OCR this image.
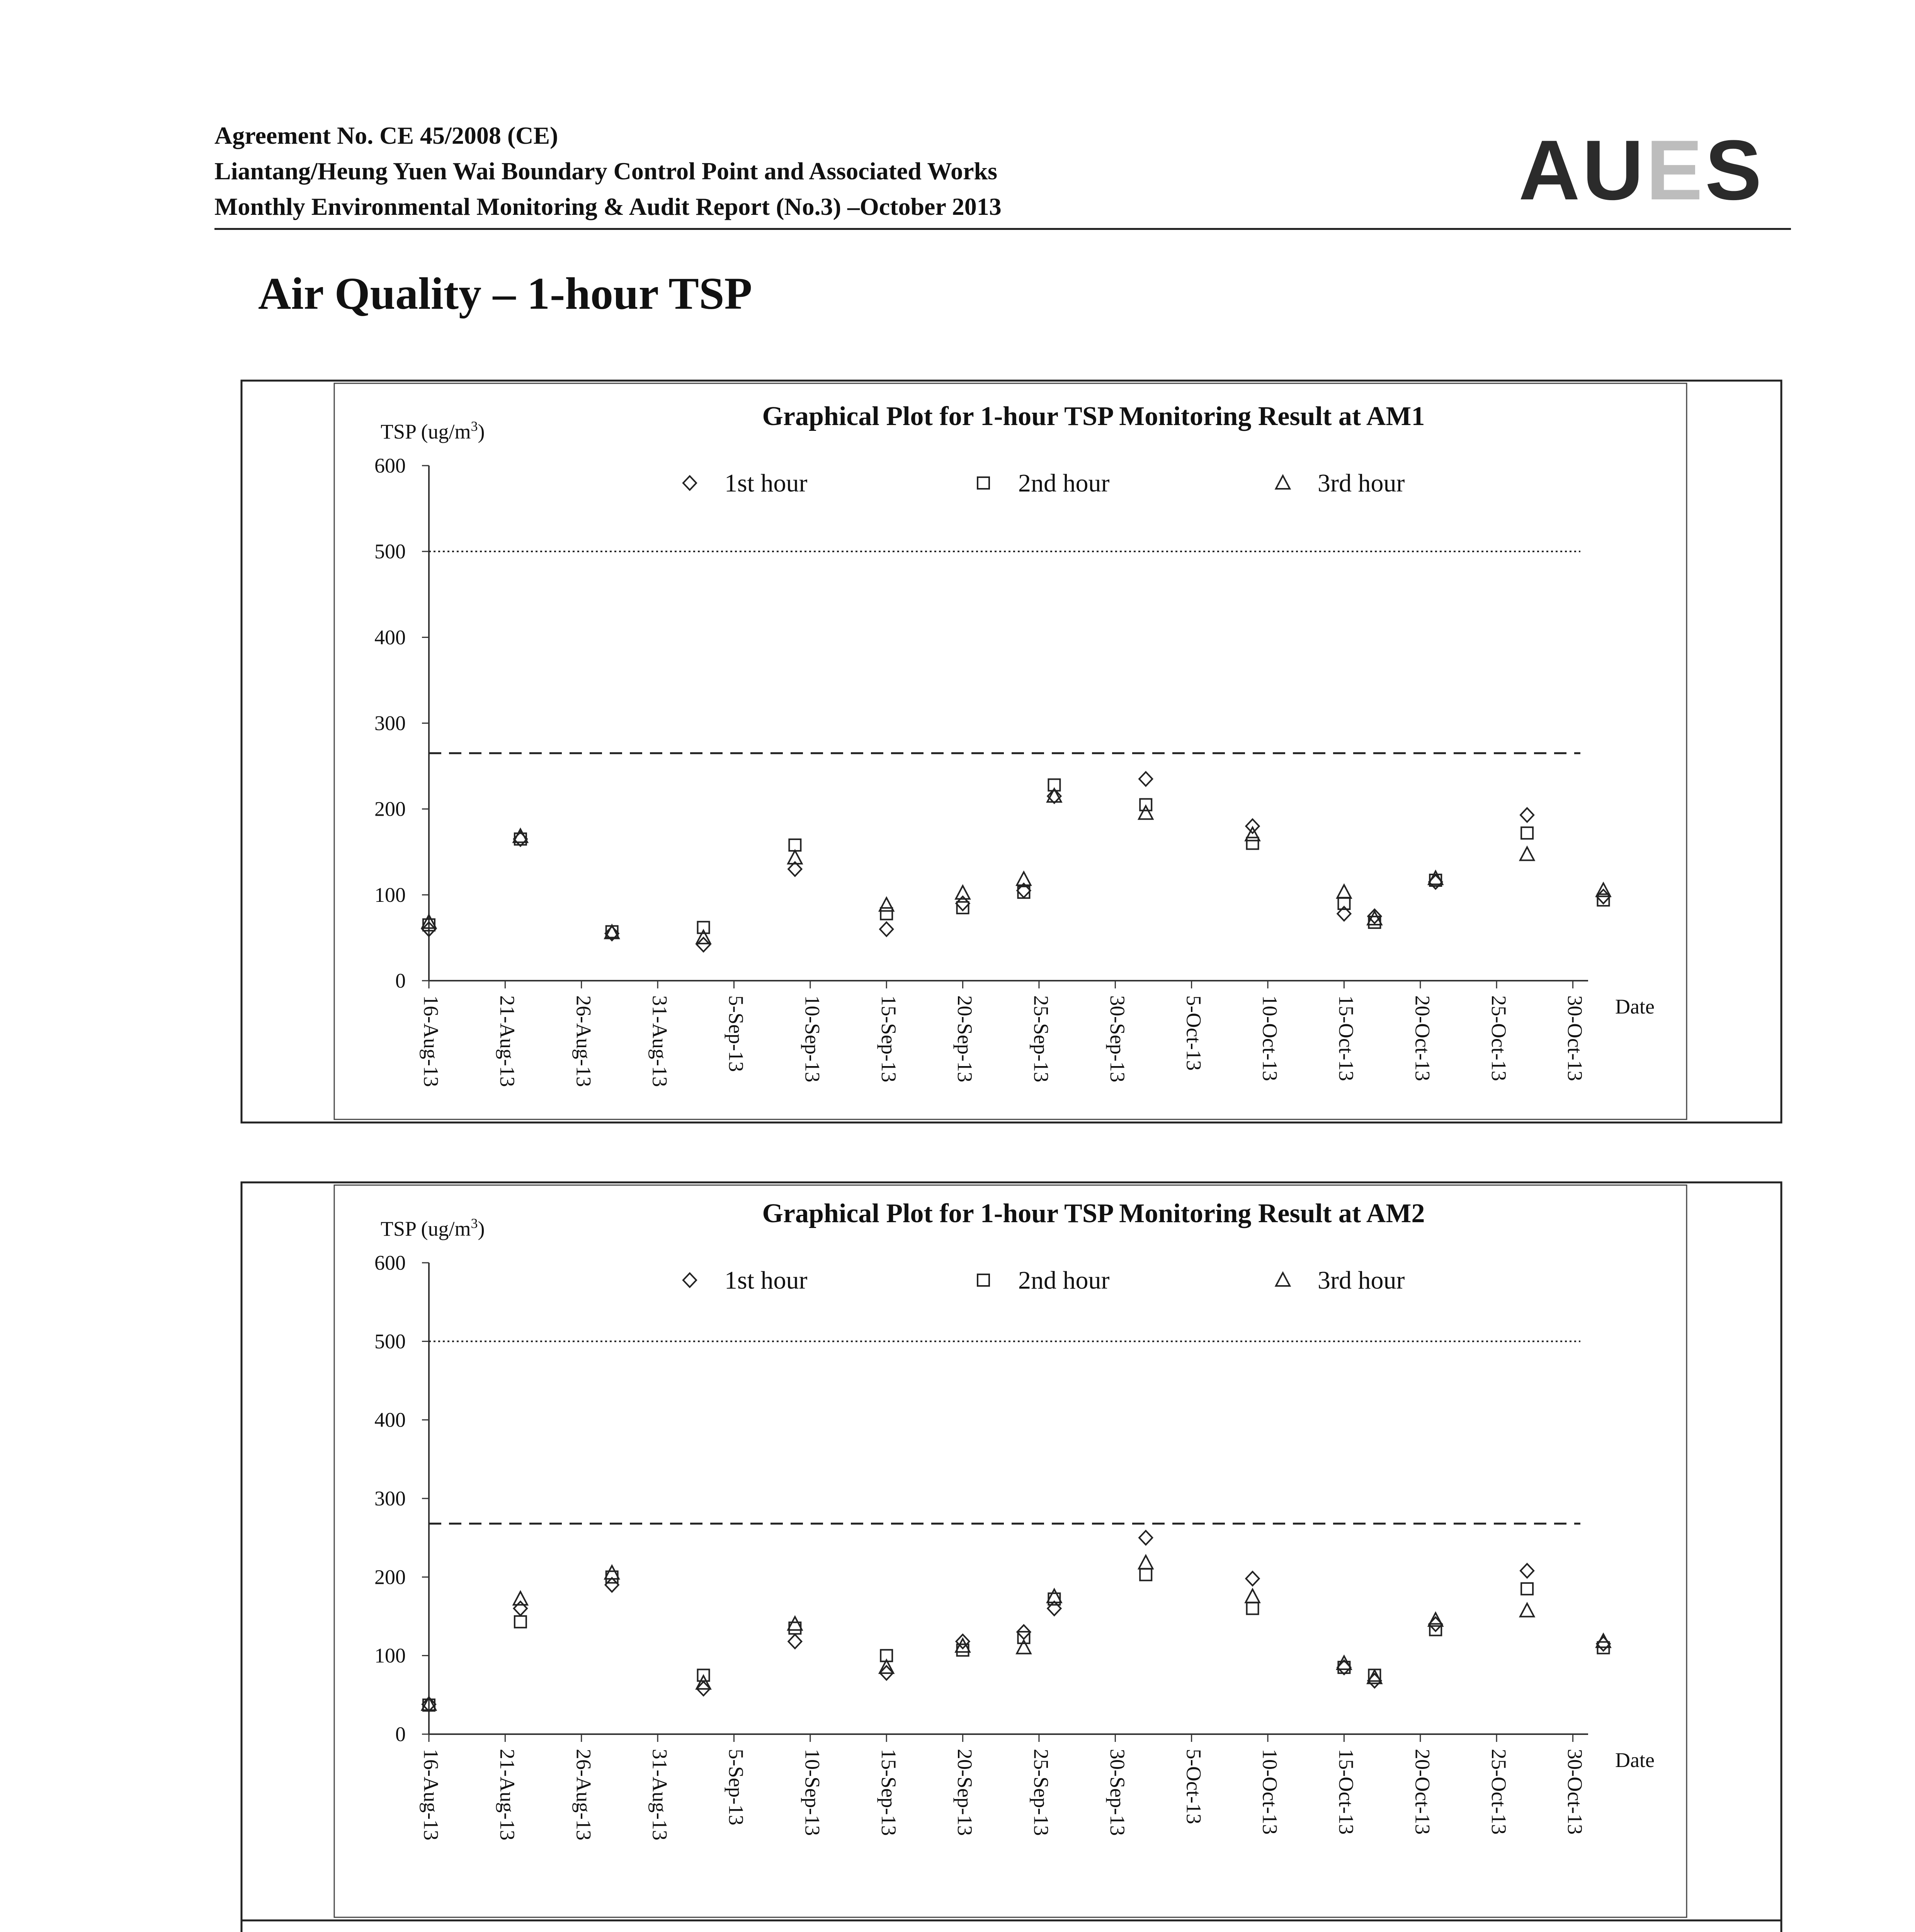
Agreement No. CE 45/2008 (CE)
Liantang/Heung Yuen Wai Boundary Control Point and Associated Works
Monthly Environmental Monitoring & Audit Report (No.3) –October 2013	AUES
Air Quality – 1-hour TSP
Graphical Plot for 1-hour TSP Monitoring Result at AM1
TSP $(ug/m^3)$
0
100
200
300
400
500
600
16-Aug-13	21-Aug-13	26-Aug-13	31-Aug-13	5-Sep-13	10-Sep-13	15-Sep-13	20-Sep-13	25-Sep-13	30-Sep-13	5-Oct-13	10-Oct-13	15-Oct-13	20-Oct-13	25-Oct-13	30-Oct-13 Date
1st hour	2nd hour	3rd hour
Graphical Plot for 1-hour TSP Monitoring Result at AM2
TSP $(ug/m^3)$
0
100
200
300
400
500
600
16-Aug-13	21-Aug-13	26-Aug-13	31-Aug-13	5-Sep-13	10-Sep-13	15-Sep-13	20-Sep-13	25-Sep-13	30-Sep-13	5-Oct-13	10-Oct-13	15-Oct-13	20-Oct-13	25-Oct-13	30-Oct-13 Date
1st hour	2nd hour	3rd hour
